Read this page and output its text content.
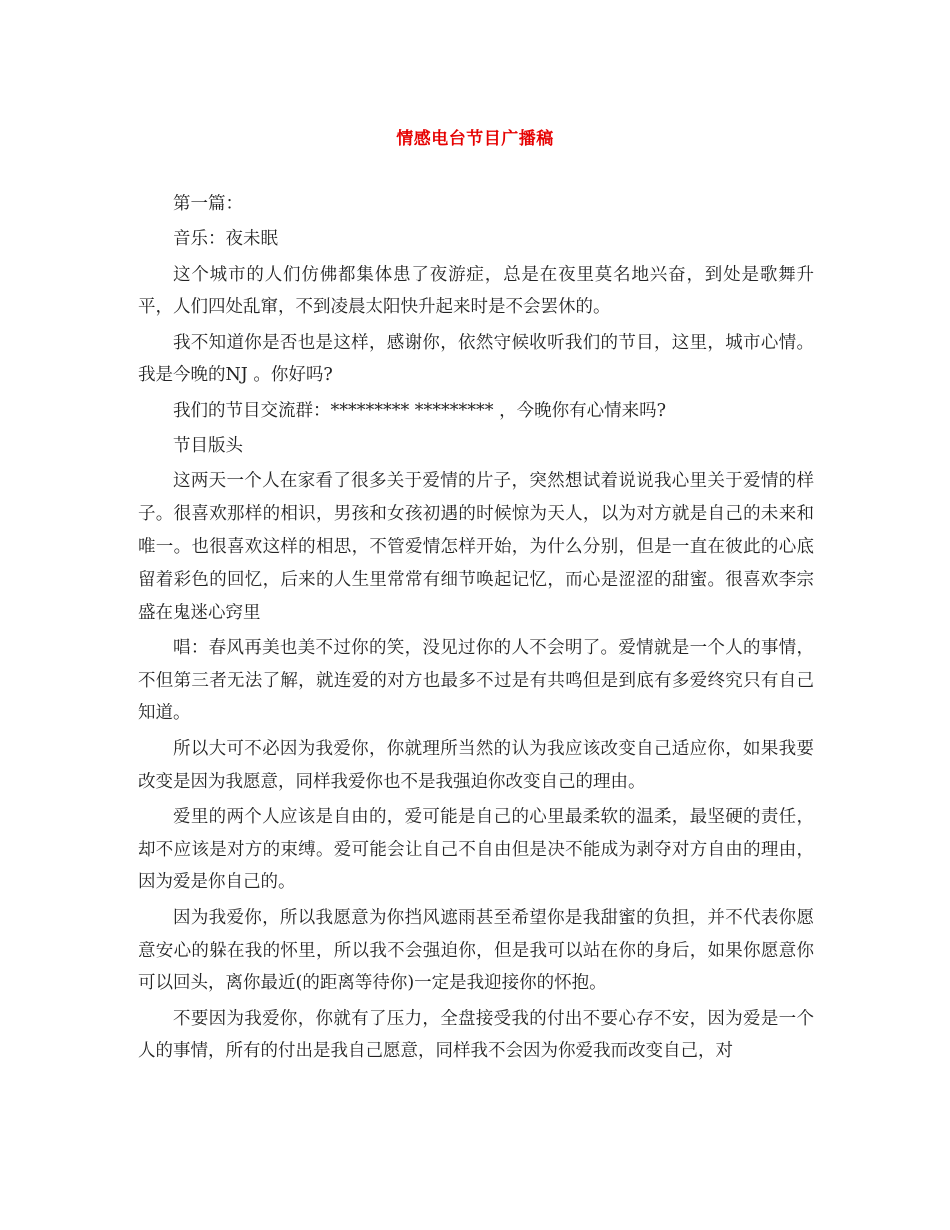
情感电台节目广播稿

第一篇：

音乐：夜未眠

这个城市的人们仿佛都集体患了夜游症，总是在夜里莫名地兴奋，到处是歌舞升平，人们四处乱窜，不到凌晨太阳快升起来时是不会罢休的。

我不知道你是否也是这样，感谢你，依然守候收听我们的节目，这里，城市心情。我是今晚的NJ 。你好吗?

我们的节目交流群：********* ********* ，今晚你有心情来吗?

节目版头

这两天一个人在家看了很多关于爱情的片子，突然想试着说说我心里关于爱情的样子。很喜欢那样的相识，男孩和女孩初遇的时候惊为天人，以为对方就是自己的未来和唯一。也很喜欢这样的相思，不管爱情怎样开始，为什么分别，但是一直在彼此的心底留着彩色的回忆，后来的人生里常常有细节唤起记忆，而心是涩涩的甜蜜。很喜欢李宗盛在鬼迷心窍里

唱：春风再美也美不过你的笑，没见过你的人不会明了。爱情就是一个人的事情，不但第三者无法了解，就连爱的对方也最多不过是有共鸣但是到底有多爱终究只有自己知道。

所以大可不必因为我爱你，你就理所当然的认为我应该改变自己适应你，如果我要改变是因为我愿意，同样我爱你也不是我强迫你改变自己的理由。

爱里的两个人应该是自由的，爱可能是自己的心里最柔软的温柔，最坚硬的责任，却不应该是对方的束缚。爱可能会让自己不自由但是决不能成为剥夺对方自由的理由，因为爱是你自己的。

因为我爱你，所以我愿意为你挡风遮雨甚至希望你是我甜蜜的负担，并不代表你愿意安心的躲在我的怀里，所以我不会强迫你，但是我可以站在你的身后，如果你愿意你可以回头，离你最近(的距离等待你)一定是我迎接你的怀抱。

不要因为我爱你，你就有了压力，全盘接受我的付出不要心存不安，因为爱是一个人的事情，所有的付出是我自己愿意，同样我不会因为你爱我而改变自己，对
